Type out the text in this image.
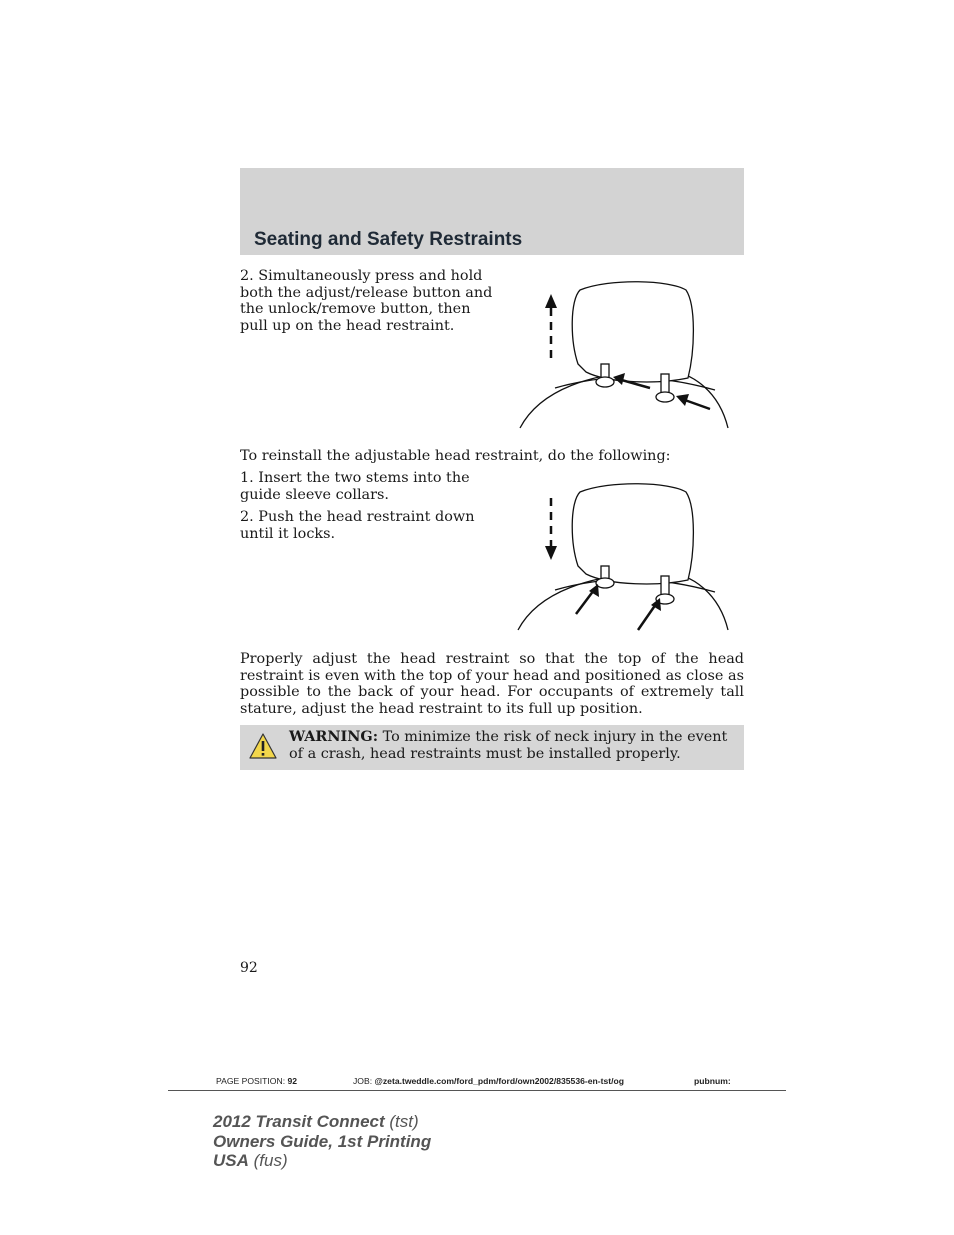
Seating and Safety Restraints

2. Simultaneously press and hold both the adjust/release button and the unlock/remove button, then pull up on the head restraint.

To reinstall the adjustable head restraint, do the following:

1. Insert the two stems into the guide sleeve collars.

2. Push the head restraint down until it locks.

Properly adjust the head restraint so that the top of the head restraint is even with the top of your head and positioned as close as possible to the back of your head. For occupants of extremely tall stature, adjust the head restraint to its full up position.

WARNING: To minimize the risk of neck injury in the event of a crash, head restraints must be installed properly.

92

PAGE POSITION: 92	JOB: @zeta.tweddle.com/ford_pdm/ford/own2002/835536-en-tst/og	pubnum:
2012 Transit Connect (tst)
Owners Guide, 1st Printing
USA (fus)
